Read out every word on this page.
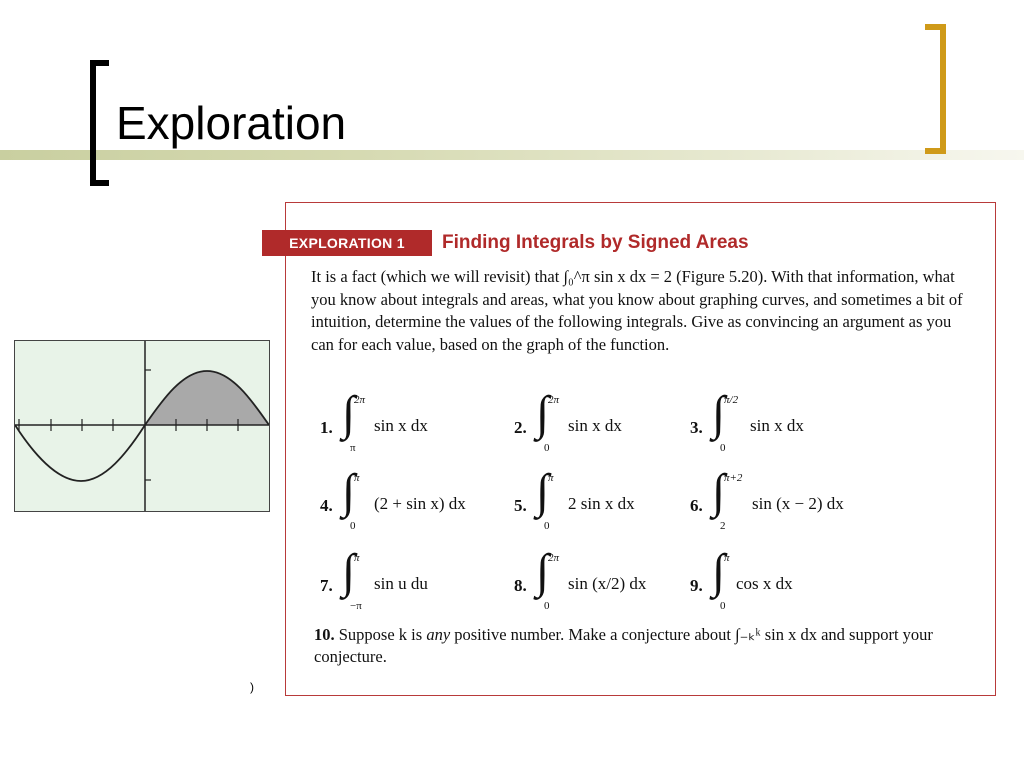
Exploration
EXPLORATION 1	Finding Integrals by Signed Areas
It is a fact (which we will revisit) that ∫₀^π sin x dx = 2 (Figure 5.20). With that information, what you know about integrals and areas, what you know about graphing curves, and sometimes a bit of intuition, determine the values of the following integrals. Give as convincing an argument as you can for each value, based on the graph of the function.
1. ∫
2π
π
sin x dx	2. ∫
2π
0
sin x dx	3. ∫
π/2
0
sin x dx
4. ∫
π
0
(2 + sin x) dx	5. ∫
π
0
2 sin x dx	6. ∫
π+2
2
sin (x − 2) dx
7. ∫
π
−π
sin u du	8. ∫
2π
0
sin (x/2) dx	9. ∫
π
0
cos x dx
10. Suppose k is any positive number. Make a conjecture about ∫₋ₖᵏ sin x dx and support your conjecture.
)
